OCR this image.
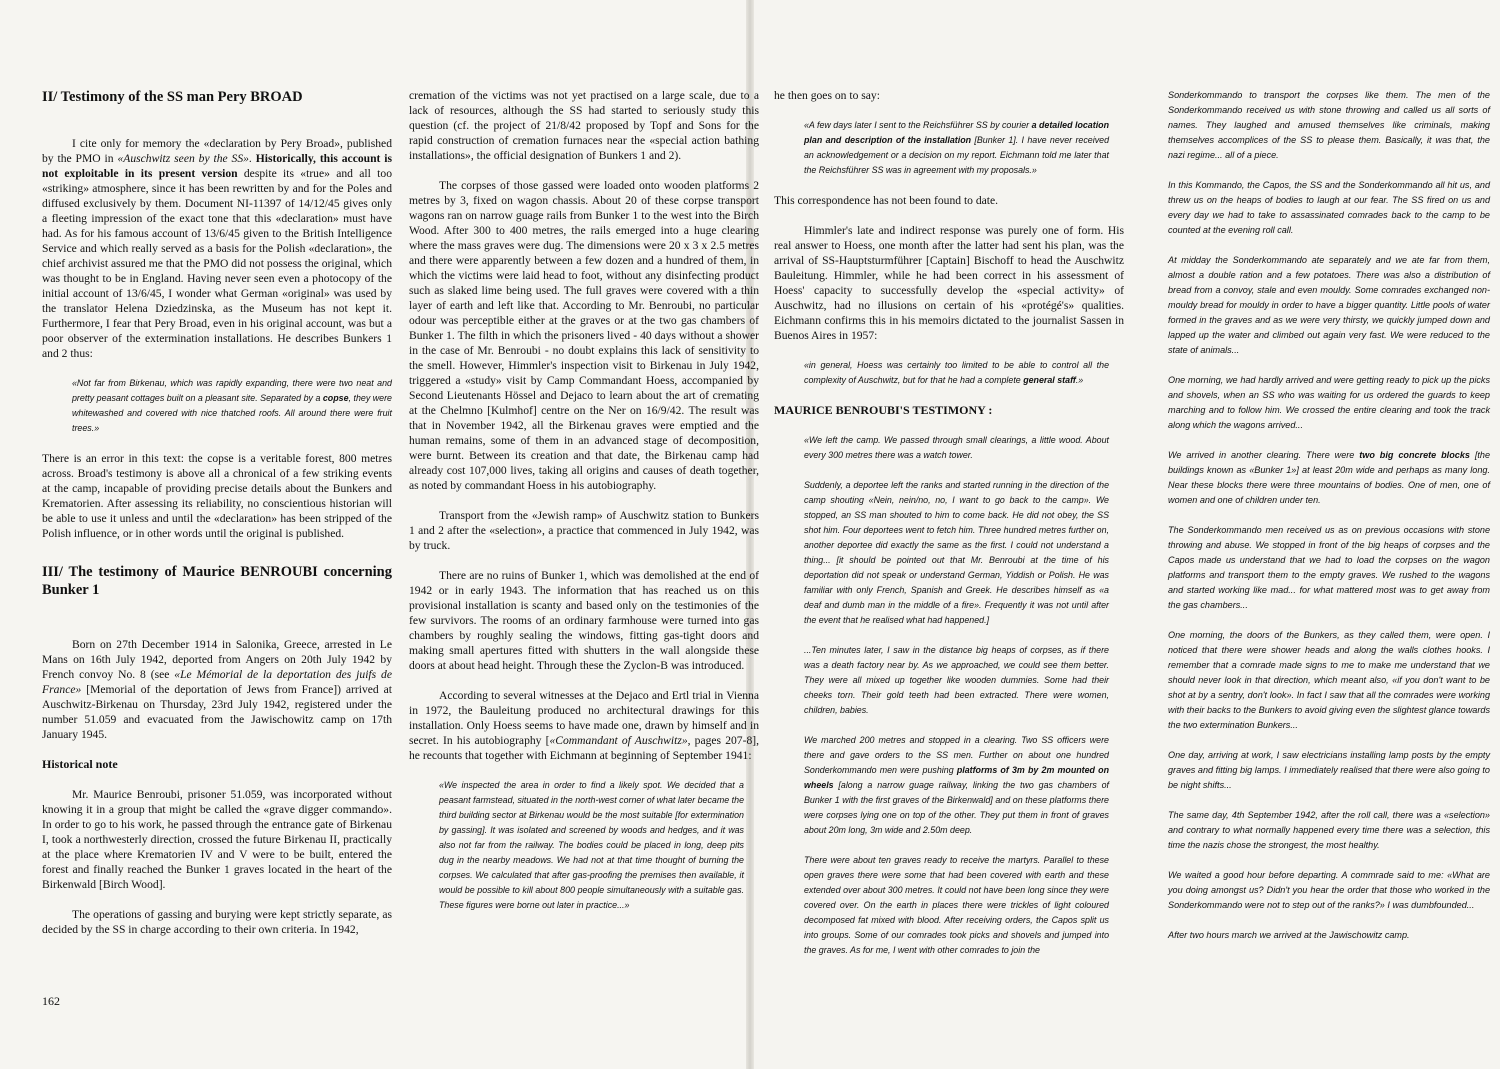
II/ Testimony of the SS man Pery BROAD

I cite only for memory the «declaration by Pery Broad», published by the PMO in «Auschwitz seen by the SS». Historically, this account is not exploitable in its present version despite its «true» and all too «striking» atmosphere, since it has been rewritten by and for the Poles and diffused exclusively by them. Document NI-11397 of 14/12/45 gives only a fleeting impression of the exact tone that this «declaration» must have had. As for his famous account of 13/6/45 given to the British Intelligence Service and which really served as a basis for the Polish «declaration», the chief archivist assured me that the PMO did not possess the original, which was thought to be in England. Having never seen even a photocopy of the initial account of 13/6/45, I wonder what German «original» was used by the translator Helena Dziedzinska, as the Museum has not kept it. Furthermore, I fear that Pery Broad, even in his original account, was but a poor observer of the extermination installations. He describes Bunkers 1 and 2 thus:

«Not far from Birkenau, which was rapidly expanding, there were two neat and pretty peasant cottages built on a pleasant site. Separated by a copse, they were whitewashed and covered with nice thatched roofs. All around there were fruit trees.»

There is an error in this text: the copse is a veritable forest, 800 metres across. Broad's testimony is above all a chronical of a few striking events at the camp, incapable of providing precise details about the Bunkers and Krematorien. After assessing its reliability, no conscientious historian will be able to use it unless and until the «declaration» has been stripped of the Polish influence, or in other words until the original is published.

III/ The testimony of Maurice BENROUBI concerning Bunker 1

Born on 27th December 1914 in Salonika, Greece, arrested in Le Mans on 16th July 1942, deported from Angers on 20th July 1942 by French convoy No. 8 (see «Le Mémorial de la deportation des juifs de France» [Memorial of the deportation of Jews from France]) arrived at Auschwitz-Birkenau on Thursday, 23rd July 1942, registered under the number 51.059 and evacuated from the Jawischowitz camp on 17th January 1945.

Historical note

Mr. Maurice Benroubi, prisoner 51.059, was incorporated without knowing it in a group that might be called the «grave digger commando». In order to go to his work, he passed through the entrance gate of Birkenau I, took a northwesterly direction, crossed the future Birkenau II, practically at the place where Krematorien IV and V were to be built, entered the forest and finally reached the Bunker 1 graves located in the heart of the Birkenwald [Birch Wood].

The operations of gassing and burying were kept strictly separate, as decided by the SS in charge according to their own criteria. In 1942,

cremation of the victims was not yet practised on a large scale, due to a lack of resources, although the SS had started to seriously study this question (cf. the project of 21/8/42 proposed by Topf and Sons for the rapid construction of cremation furnaces near the «special action bathing installations», the official designation of Bunkers 1 and 2).

The corpses of those gassed were loaded onto wooden platforms 2 metres by 3, fixed on wagon chassis. About 20 of these corpse transport wagons ran on narrow guage rails from Bunker 1 to the west into the Birch Wood. After 300 to 400 metres, the rails emerged into a huge clearing where the mass graves were dug. The dimensions were 20 x 3 x 2.5 metres and there were apparently between a few dozen and a hundred of them, in which the victims were laid head to foot, without any disinfecting product such as slaked lime being used. The full graves were covered with a thin layer of earth and left like that. According to Mr. Benroubi, no particular odour was perceptible either at the graves or at the two gas chambers of Bunker 1. The filth in which the prisoners lived - 40 days without a shower in the case of Mr. Benroubi - no doubt explains this lack of sensitivity to the smell. However, Himmler's inspection visit to Birkenau in July 1942, triggered a «study» visit by Camp Commandant Hoess, accompanied by Second Lieutenants Hössel and Dejaco to learn about the art of cremating at the Chelmno [Kulmhof] centre on the Ner on 16/9/42. The result was that in November 1942, all the Birkenau graves were emptied and the human remains, some of them in an advanced stage of decomposition, were burnt. Between its creation and that date, the Birkenau camp had already cost 107,000 lives, taking all origins and causes of death together, as noted by commandant Hoess in his autobiography.

Transport from the «Jewish ramp» of Auschwitz station to Bunkers 1 and 2 after the «selection», a practice that commenced in July 1942, was by truck.

There are no ruins of Bunker 1, which was demolished at the end of 1942 or in early 1943. The information that has reached us on this provisional installation is scanty and based only on the testimonies of the few survivors. The rooms of an ordinary farmhouse were turned into gas chambers by roughly sealing the windows, fitting gas-tight doors and making small apertures fitted with shutters in the wall alongside these doors at about head height. Through these the Zyclon-B was introduced.

According to several witnesses at the Dejaco and Ertl trial in Vienna in 1972, the Bauleitung produced no architectural drawings for this installation. Only Hoess seems to have made one, drawn by himself and in secret. In his autobiography [«Commandant of Auschwitz», pages 207-8], he recounts that together with Eichmann at beginning of September 1941:

«We inspected the area in order to find a likely spot. We decided that a peasant farmstead, situated in the north-west corner of what later became the third building sector at Birkenau would be the most suitable [for extermination by gassing]. It was isolated and screened by woods and hedges, and it was also not far from the railway. The bodies could be placed in long, deep pits dug in the nearby meadows. We had not at that time thought of burning the corpses. We calculated that after gas-proofing the premises then available, it would be possible to kill about 800 people simultaneously with a suitable gas. These figures were borne out later in practice...»

he then goes on to say:

«A few days later I sent to the Reichsführer SS by courier a detailed location plan and description of the installation [Bunker 1]. I have never received an acknowledgement or a decision on my report. Eichmann told me later that the Reichsführer SS was in agreement with my proposals.»

This correspondence has not been found to date.

Himmler's late and indirect response was purely one of form. His real answer to Hoess, one month after the latter had sent his plan, was the arrival of SS-Hauptsturmführer [Captain] Bischoff to head the Auschwitz Bauleitung. Himmler, while he had been correct in his assessment of Hoess' capacity to successfully develop the «special activity» of Auschwitz, had no illusions on certain of his «protégé's» qualities. Eichmann confirms this in his memoirs dictated to the journalist Sassen in Buenos Aires in 1957:

«in general, Hoess was certainly too limited to be able to control all the complexity of Auschwitz, but for that he had a complete general staff.»
MAURICE BENROUBI'S TESTIMONY :
«We left the camp. We passed through small clearings, a little wood. About every 300 metres there was a watch tower.
Suddenly, a deportee left the ranks and started running in the direction of the camp shouting «Nein, nein/no, no, I want to go back to the camp». We stopped, an SS man shouted to him to come back. He did not obey, the SS shot him. Four deportees went to fetch him. Three hundred metres further on, another deportee did exactly the same as the first. I could not understand a thing... [it should be pointed out that Mr. Benroubi at the time of his deportation did not speak or understand German, Yiddish or Polish. He was familiar with only French, Spanish and Greek. He describes himself as «a deaf and dumb man in the middle of a fire». Frequently it was not until after the event that he realised what had happened.]
...Ten minutes later, I saw in the distance big heaps of corpses, as if there was a death factory near by. As we approached, we could see them better. They were all mixed up together like wooden dummies. Some had their cheeks torn. Their gold teeth had been extracted. There were women, children, babies.
We marched 200 metres and stopped in a clearing. Two SS officers were there and gave orders to the SS men. Further on about one hundred Sonderkommando men were pushing platforms of 3m by 2m mounted on wheels [along a narrow guage railway, linking the two gas chambers of Bunker 1 with the first graves of the Birkenwald] and on these platforms there were corpses lying one on top of the other. They put them in front of graves about 20m long, 3m wide and 2.50m deep.
There were about ten graves ready to receive the martyrs. Parallel to these open graves there were some that had been covered with earth and these extended over about 300 metres. It could not have been long since they were covered over. On the earth in places there were trickles of light coloured decomposed fat mixed with blood. After receiving orders, the Capos split us into groups. Some of our comrades took picks and shovels and jumped into the graves. As for me, I went with other comrades to join the

Sonderkommando to transport the corpses like them. The men of the Sonderkommando received us with stone throwing and called us all sorts of names. They laughed and amused themselves like criminals, making themselves accomplices of the SS to please them. Basically, it was that, the nazi regime... all of a piece.

In this Kommando, the Capos, the SS and the Sonderkommando all hit us, and threw us on the heaps of bodies to laugh at our fear. The SS fired on us and every day we had to take to assassinated comrades back to the camp to be counted at the evening roll call.

At midday the Sonderkommando ate separately and we ate far from them, almost a double ration and a few potatoes. There was also a distribution of bread from a convoy, stale and even mouldy. Some comrades exchanged non-mouldy bread for mouldy in order to have a bigger quantity. Little pools of water formed in the graves and as we were very thirsty, we quickly jumped down and lapped up the water and climbed out again very fast. We were reduced to the state of animals...

One morning, we had hardly arrived and were getting ready to pick up the picks and shovels, when an SS who was waiting for us ordered the guards to keep marching and to follow him. We crossed the entire clearing and took the track along which the wagons arrived...

We arrived in another clearing. There were two big concrete blocks [the buildings known as «Bunker 1»] at least 20m wide and perhaps as many long. Near these blocks there were three mountains of bodies. One of men, one of women and one of children under ten.

The Sonderkommando men received us as on previous occasions with stone throwing and abuse. We stopped in front of the big heaps of corpses and the Capos made us understand that we had to load the corpses on the wagon platforms and transport them to the empty graves. We rushed to the wagons and started working like mad... for what mattered most was to get away from the gas chambers...

One morning, the doors of the Bunkers, as they called them, were open. I noticed that there were shower heads and along the walls clothes hooks. I remember that a comrade made signs to me to make me understand that we should never look in that direction, which meant also, «if you don't want to be shot at by a sentry, don't look». In fact I saw that all the comrades were working with their backs to the Bunkers to avoid giving even the slightest glance towards the two extermination Bunkers...

One day, arriving at work, I saw electricians installing lamp posts by the empty graves and fitting big lamps. I immediately realised that there were also going to be night shifts...

The same day, 4th September 1942, after the roll call, there was a «selection» and contrary to what normally happened every time there was a selection, this time the nazis chose the strongest, the most healthy.

We waited a good hour before departing. A commrade said to me: «What are you doing amongst us? Didn't you hear the order that those who worked in the Sonderkommando were not to step out of the ranks?» I was dumbfounded...

After two hours march we arrived at the Jawischowitz camp.

162
